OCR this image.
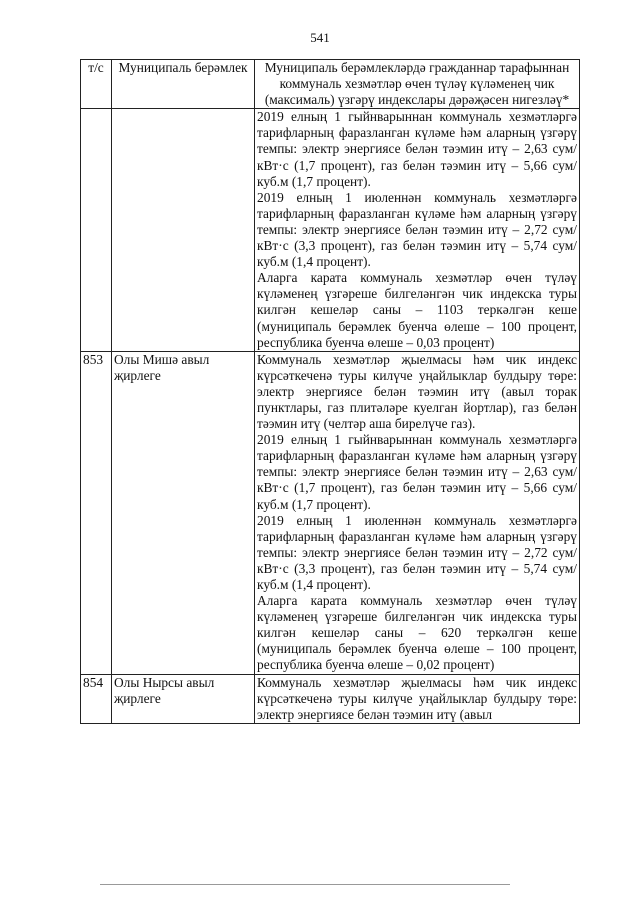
541
т/с	Муниципаль берәмлек	Муниципаль берәмлекләрдә гражданнар тарафыннан коммуналь хезмәтләр өчен түләү күләменең чик (максималь) үзгәрү индекслары дәрәҗәсен нигезләү*

		2019 елның 1 гыйнварыннан коммуналь хезмәтләргә тарифларның фаразланган күләме һәм аларның үзгәрү темпы: электр энергиясе белән тәэмин итү – 2,63 сум/кВт·с (1,7 процент), газ белән тәэмин итү – 5,66 сум/куб.м (1,7 процент).

2019 елның 1 июленнән коммуналь хезмәтләргә тарифларның фаразланган күләме һәм аларның үзгәрү темпы: электр энергиясе белән тәэмин итү – 2,72 сум/кВт·с (3,3 процент), газ белән тәэмин итү – 5,74 сум/куб.м (1,4 процент).

Аларга карата коммуналь хезмәтләр өчен түләү күләменең үзгәреше билгеләнгән чик индекска туры килгән кешеләр саны – 1103 теркәлгән кеше (муниципаль берәмлек буенча өлеше – 100 процент, республика буенча өлеше – 0,03 процент)

853	Олы Мишә авыл җирлеге	Коммуналь хезмәтләр җыелмасы һәм чик индекс күрсәткеченә туры килүче уңайлыклар булдыру төре: электр энергиясе белән тәэмин итү (авыл торак пунктлары, газ плитәләре куелган йортлар), газ белән тәэмин итү (челтәр аша бирелүче газ).

2019 елның 1 гыйнварыннан коммуналь хезмәтләргә тарифларның фаразланган күләме һәм аларның үзгәрү темпы: электр энергиясе белән тәэмин итү – 2,63 сум/кВт·с (1,7 процент), газ белән тәэмин итү – 5,66 сум/куб.м (1,7 процент).

2019 елның 1 июленнән коммуналь хезмәтләргә тарифларның фаразланган күләме һәм аларның үзгәрү темпы: электр энергиясе белән тәэмин итү – 2,72 сум/кВт·с (3,3 процент), газ белән тәэмин итү – 5,74 сум/куб.м (1,4 процент).

Аларга карата коммуналь хезмәтләр өчен түләү күләменең үзгәреше билгеләнгән чик индекска туры килгән кешеләр саны – 620 теркәлгән кеше (муниципаль берәмлек буенча өлеше – 100 процент, республика буенча өлеше – 0,02 процент)

854	Олы Нырсы авыл җирлеге	Коммуналь хезмәтләр җыелмасы һәм чик индекс күрсәткеченә туры килүче уңайлыклар булдыру төре: электр энергиясе белән тәэмин итү (авыл
